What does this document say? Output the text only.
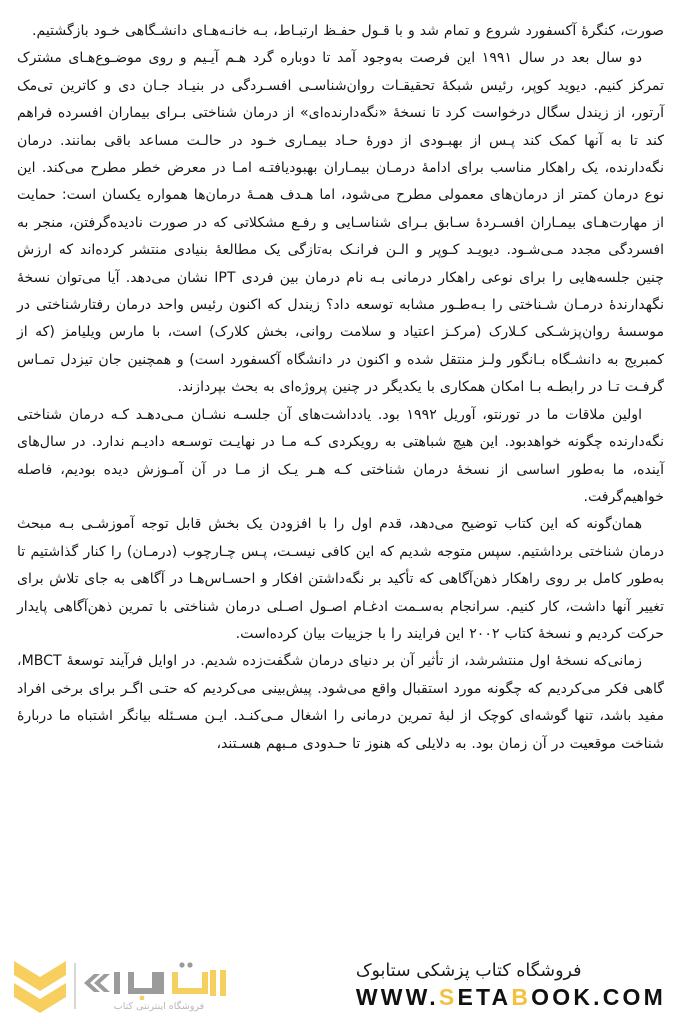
صورت، کنگرهٔ آکسفورد شروع و تمام شد و با قـول حفـظ ارتبـاط، بـه خانـه‌هـای دانشـگاهی خـود بازگشتیم.

دو سال بعد در سال ۱۹۹۱ این فرصت به‌وجود آمد تا دوباره گرد هـم آیـیم و روی موضـوع‌هـای مشترک تمرکز کنیم. دیوید کوپر، رئیس شبکهٔ تحقیقـات روان‌شناسـی افسـردگی در بنیـاد جـان دی و کاترین تی‌مک آرتور، از زیندل سگال درخواست کرد تا نسخهٔ «نگه‌دارنده‌ای» از درمان شناختی بـرای بیماران افسرده فراهم کند تا به آنها کمک کند پـس از بهبـودی از دورهٔ حـاد بیمـاری خـود در حالـت مساعد باقی بمانند. درمان نگه‌دارنده، یک راهکار مناسب برای ادامهٔ درمـان بیمـاران بهبودیافتـه امـا در معرض خطر مطرح می‌کند. این نوع درمان کمتر از درمان‌های معمولی مطرح می‌شود، اما هـدف همـهٔ درمان‌ها همواره یکسان است: حمایت از مهارت‌هـای بیمـاران افسـردهٔ سـابق بـرای شناسـایی و رفـع مشکلاتی که در صورت نادیده‌گرفتن، منجر به افسردگی مجدد مـی‌شـود. دیویـد کـوپر و الـن فرانـک به‌تازگی یک مطالعهٔ بنیادی منتشر کرده‌اند که ارزش چنین جلسه‌هایی را برای نوعی راهکار درمانی بـه نام درمان بین فردی IPT نشان می‌دهد. آیا می‌توان نسخهٔ نگهدارندهٔ درمـان شـناختی را بـه‌طـور مشابه توسعه داد؟ زیندل که اکنون رئیس واحد درمان رفتارشناختی در موسسهٔ روان‌پزشـکی کـلارک (مرکـز اعتیاد و سلامت روانی، بخش کلارک) است، با مارس ویلیامز (که از کمبریج به دانشـگاه بـانگور ولـز منتقل شده و اکنون در دانشگاه آکسفورد است) و همچنین جان تیزدل تمـاس گرفـت تـا در رابطـه بـا امکان همکاری با یکدیگر در چنین پروژه‌ای به بحث بپردازند.

اولین ملاقات ما در تورنتو، آوریل ۱۹۹۲ بود. یادداشت‌های آن جلسـه نشـان مـی‌دهـد کـه درمان شناختی نگه‌دارنده چگونه خواهدبود. این هیچ شباهتی به رویکردی کـه مـا در نهایـت توسـعه دادیـم ندارد. در سال‌های آینده، ما به‌طور اساسی از نسخهٔ درمان شناختی کـه هـر یـک از مـا در آن آمـوزش دیده بودیم، فاصله خواهیم‌گرفت.

همان‌گونه که این کتاب توضیح می‌دهد، قدم اول را با افزودن یک بخش قابل توجه آموزشـی بـه مبحث درمان شناختی برداشتیم. سپس متوجه شدیم که این کافی نیسـت، پـس چـارچوب (درمـان) را کنار گذاشتیم تا به‌طور کامل بر روی راهکار ذهن‌آگاهی که تأکید بر نگه‌داشتن افکار و احسـاس‌هـا در آگاهی به جای تلاش برای تغییر آنها داشت، کار کنیم. سرانجام به‌سـمت ادغـام اصـول اصـلی درمان شناختی با تمرین ذهن‌آگاهی پایدار حرکت کردیم و نسخهٔ کتاب ۲۰۰۲ این فرایند را با جزییات بیان کرده‌است.

زمانی‌که نسخهٔ اول منتشرشد، از تأثیر آن بر دنیای درمان شگفت‌زده شدیم. در اوایل فرآیند توسعهٔ MBCT، گاهی فکر می‌کردیم که چگونه مورد استقبال واقع می‌شود. پیش‌بینی می‌کردیم که حتـی اگـر برای برخی افراد مفید باشد، تنها گوشه‌ای کوچک از لبهٔ تمرین درمانی را اشغال مـی‌کنـد. ایـن مسـئله بیانگر اشتباه ما دربارهٔ شناخت موقعیت در آن زمان بود. به دلایلی که هنوز تا حـدودی مـبهم هسـتند،

فروشگاه کتاب پزشکی ستابوک
WWW.SETABOOK.COM
فروشگاه اینترنتی کتاب
